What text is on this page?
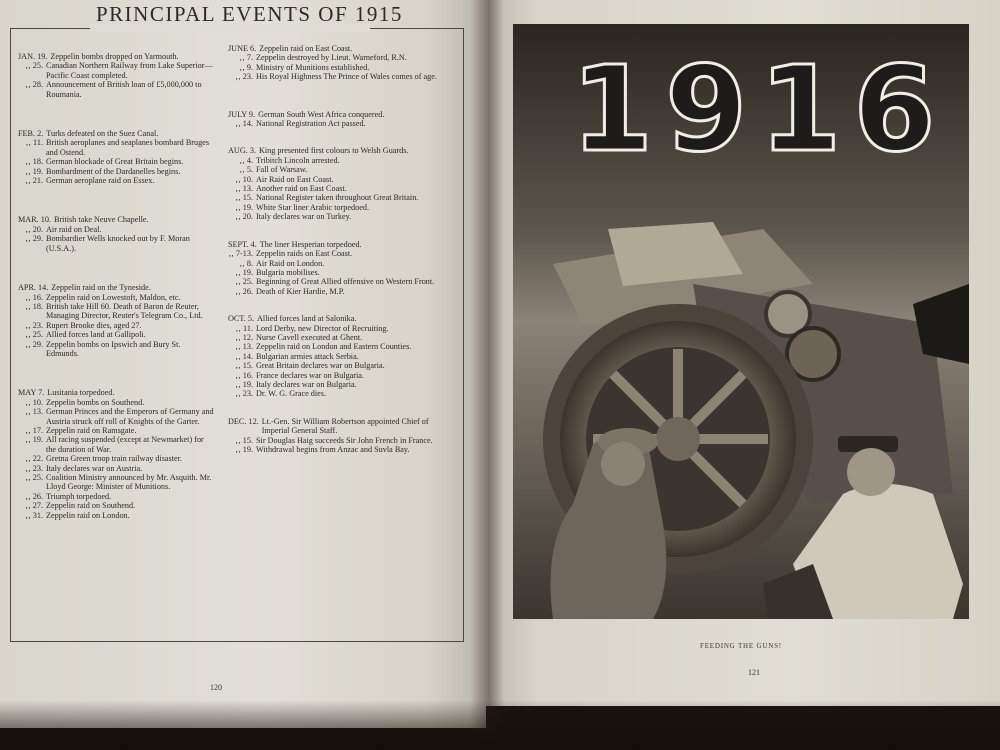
PRINCIPAL EVENTS OF 1915
JAN. 19. Zeppelin bombs dropped on Yarmouth.
‚‚ 25. Canadian Northern Railway from Lake Superior—Pacific Coast completed.
‚‚ 28. Announcement of British loan of £5,000,000 to Roumania.
FEB. 2. Turks defeated on the Suez Canal.
‚‚ 11. British aeroplanes and seaplanes bombard Bruges and Ostend.
‚‚ 18. German blockade of Great Britain begins.
‚‚ 19. Bombardment of the Dardanelles begins.
‚‚ 21. German aeroplane raid on Essex.
MAR. 10. British take Neuve Chapelle.
‚‚ 20. Air raid on Deal.
‚‚ 29. Bombardier Wells knocked out by F. Moran (U.S.A.).
APR. 14. Zeppelin raid on the Tyneside.
‚‚ 16. Zeppelin raid on Lowestoft, Maldon, etc.
‚‚ 18. British take Hill 60. Death of Baron de Reuter, Managing Director, Reuter's Telegram Co., Ltd.
‚‚ 23. Rupert Brooke dies, aged 27.
‚‚ 25. Allied forces land at Gallipoli.
‚‚ 29. Zeppelin bombs on Ipswich and Bury St. Edmunds.
MAY 7. Lusitania torpedoed.
‚‚ 10. Zeppelin bombs on Southend.
‚‚ 13. German Princes and the Emperors of Germany and Austria struck off roll of Knights of the Garter.
‚‚ 17. Zeppelin raid on Ramsgate.
‚‚ 19. All racing suspended (except at Newmarket) for the duration of War.
‚‚ 22. Gretna Green troop train railway disaster.
‚‚ 23. Italy declares war on Austria.
‚‚ 25. Coalition Ministry announced by Mr. Asquith. Mr. Lloyd George: Minister of Munitions.
‚‚ 26. Triumph torpedoed.
‚‚ 27. Zeppelin raid on Southend.
‚‚ 31. Zeppelin raid on London.
JUNE 6. Zeppelin raid on East Coast.
‚‚ 7. Zeppelin destroyed by Lieut. Warneford, R.N.
‚‚ 9. Ministry of Munitions established.
‚‚ 23. His Royal Highness The Prince of Wales comes of age.
JULY 9. German South West Africa conquered.
‚‚ 14. National Registration Act passed.
AUG. 3. King presented first colours to Welsh Guards.
‚‚ 4. Tribitch Lincoln arrested.
‚‚ 5. Fall of Warsaw.
‚‚ 10. Air Raid on East Coast.
‚‚ 13. Another raid on East Coast.
‚‚ 15. National Register taken throughout Great Britain.
‚‚ 19. White Star liner Arabic torpedoed.
‚‚ 20. Italy declares war on Turkey.
SEPT. 4. The liner Hesperian torpedoed.
‚‚ 7-13. Zeppelin raids on East Coast.
‚‚ 8. Air Raid on London.
‚‚ 19. Bulgaria mobilises.
‚‚ 25. Beginning of Great Allied offensive on Western Front.
‚‚ 26. Death of Kier Hardie, M.P.
OCT. 5. Allied forces land at Salonika.
‚‚ 11. Lord Derby, new Director of Recruiting.
‚‚ 12. Nurse Cavell executed at Ghent.
‚‚ 13. Zeppelin raid on London and Eastern Counties.
‚‚ 14. Bulgarian armies attack Serbia.
‚‚ 15. Great Britain declares war on Bulgaria.
‚‚ 16. France declares war on Bulgaria.
‚‚ 19. Italy declares war on Bulgaria.
‚‚ 23. Dr. W. G. Grace dies.
DEC. 12. Lt.-Gen. Sir William Robertson appointed Chief of Imperial General Staff.
‚‚ 15. Sir Douglas Haig succeeds Sir John French in France.
‚‚ 19. Withdrawal begins from Anzac and Suvla Bay.
120
1916
FEEDING THE GUNS!
121
